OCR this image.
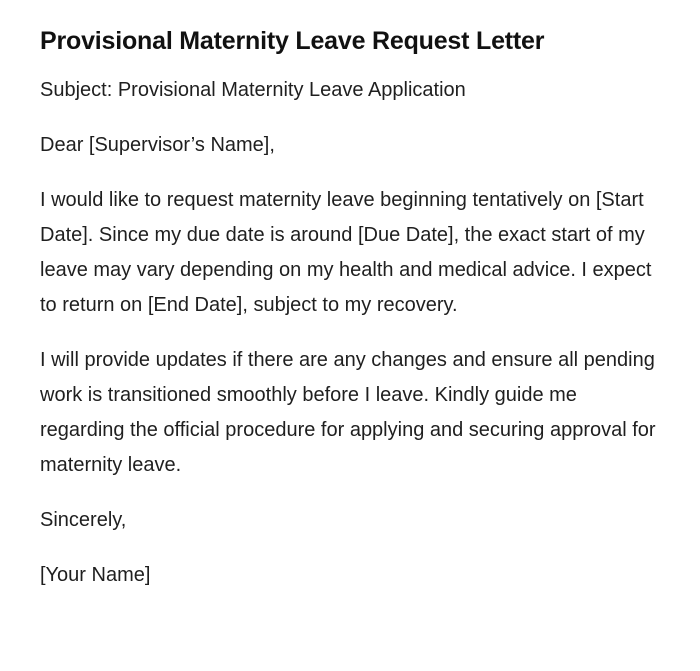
Provisional Maternity Leave Request Letter

Subject: Provisional Maternity Leave Application

Dear [Supervisor’s Name],

I would like to request maternity leave beginning tentatively on [Start Date]. Since my due date is around [Due Date], the exact start of my leave may vary depending on my health and medical advice. I expect to return on [End Date], subject to my recovery.

I will provide updates if there are any changes and ensure all pending work is transitioned smoothly before I leave. Kindly guide me regarding the official procedure for applying and securing approval for maternity leave.

Sincerely,

[Your Name]
